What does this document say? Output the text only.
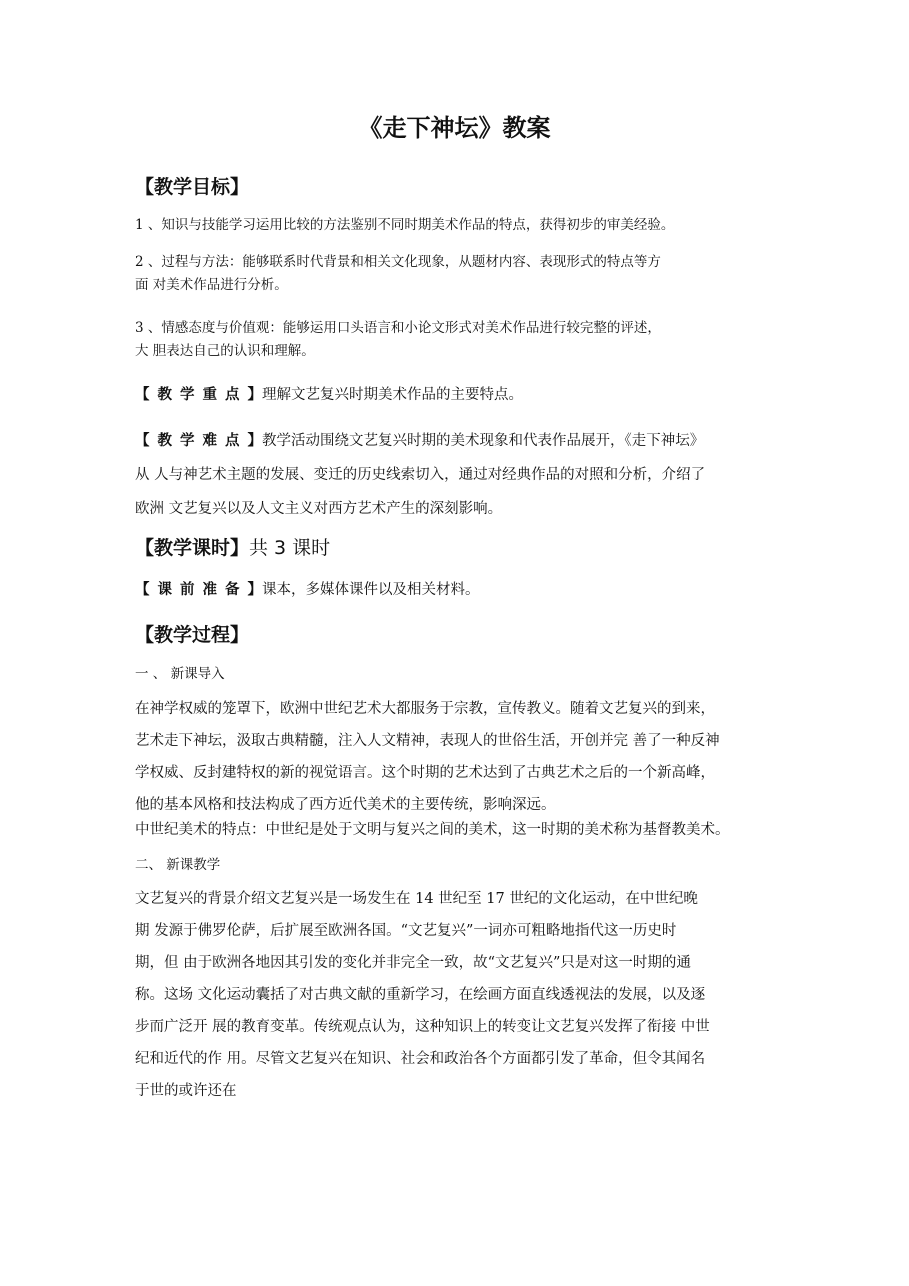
《走下神坛》教案
【教学目标】
1 、知识与技能学习运用比较的方法鉴别不同时期美术作品的特点，获得初步的审美经验。
2 、过程与方法：能够联系时代背景和相关文化现象，从题材内容、表现形式的特点等方
面 对美术作品进行分析。
3 、情感态度与价值观：能够运用口头语言和小论文形式对美术作品进行较完整的评述，
大 胆表达自己的认识和理解。
【 教学重点】理解文艺复兴时期美术作品的主要特点。
【 教学难点】教学活动围绕文艺复兴时期的美术现象和代表作品展开，《走下神坛》
从 人与神艺术主题的发展、变迁的历史线索切入，通过对经典作品的对照和分析，介绍了
欧洲 文艺复兴以及人文主义对西方艺术产生的深刻影响。
【教学课时】共 3 课时
【 课前准备】课本，多媒体课件以及相关材料。
【教学过程】
一 、 新课导入
在神学权威的笼罩下，欧洲中世纪艺术大都服务于宗教，宣传教义。随着文艺复兴的到来，
艺术走下神坛，汲取古典精髓，注入人文精神，表现人的世俗生活，开创并完 善了一种反神
学权威、反封建特权的新的视觉语言。这个时期的艺术达到了古典艺术之后的一个新高峰，
他的基本风格和技法构成了西方近代美术的主要传统，影响深远。
中世纪美术的特点：中世纪是处于文明与复兴之间的美术，这一时期的美术称为基督教美术。
二、 新课教学
文艺复兴的背景介绍文艺复兴是一场发生在 14 世纪至 17 世纪的文化运动，在中世纪晚
期 发源于佛罗伦萨，后扩展至欧洲各国。“文艺复兴”一词亦可粗略地指代这一历史时
期，但 由于欧洲各地因其引发的变化并非完全一致，故“文艺复兴”只是对这一时期的通
称。这场 文化运动囊括了对古典文献的重新学习，在绘画方面直线透视法的发展，以及逐
步而广泛开 展的教育变革。传统观点认为，这种知识上的转变让文艺复兴发挥了衔接 中世
纪和近代的作 用。尽管文艺复兴在知识、社会和政治各个方面都引发了革命，但令其闻名
于世的或许还在
